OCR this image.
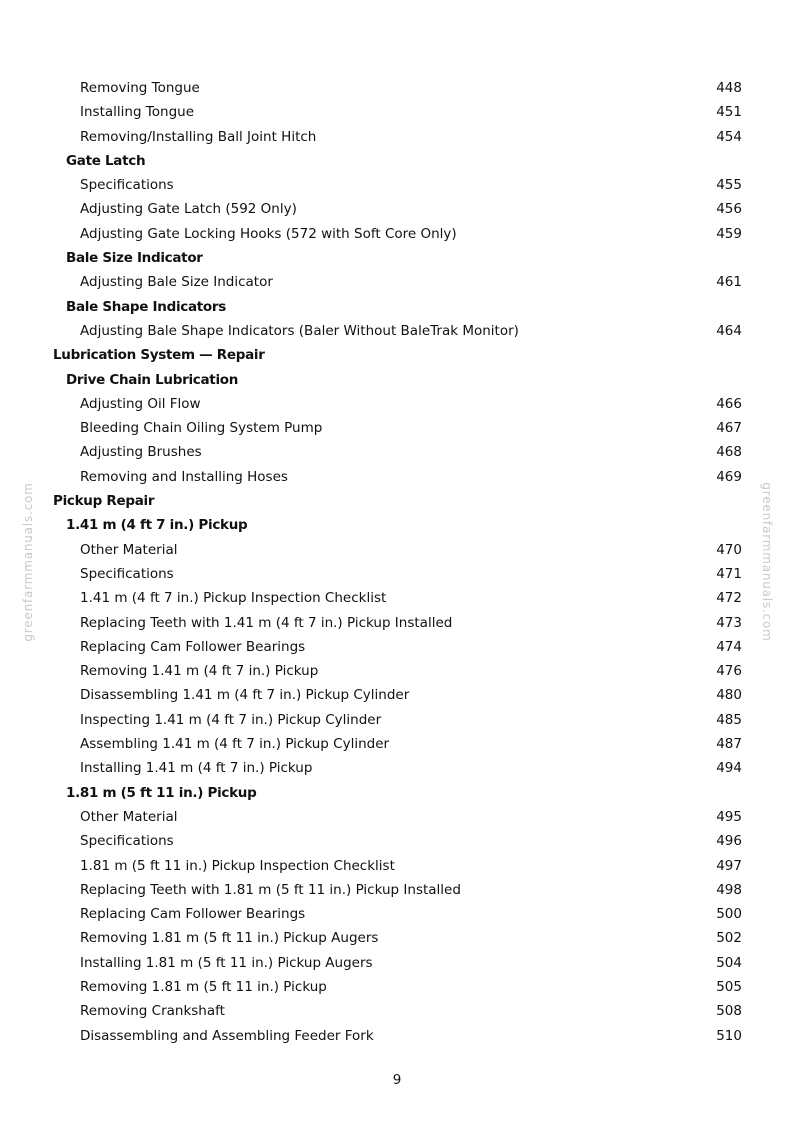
Removing Tongue	448
Installing Tongue	451
Removing/Installing Ball Joint Hitch	454
Gate Latch
Specifications	455
Adjusting Gate Latch (592 Only)	456
Adjusting Gate Locking Hooks (572 with Soft Core Only)	459
Bale Size Indicator
Adjusting Bale Size Indicator	461
Bale Shape Indicators
Adjusting Bale Shape Indicators (Baler Without BaleTrak Monitor)	464
Lubrication System — Repair
Drive Chain Lubrication
Adjusting Oil Flow	466
Bleeding Chain Oiling System Pump	467
Adjusting Brushes	468
Removing and Installing Hoses	469
Pickup Repair
1.41 m (4 ft 7 in.) Pickup
Other Material	470
Specifications	471
1.41 m (4 ft 7 in.) Pickup Inspection Checklist	472
Replacing Teeth with 1.41 m (4 ft 7 in.) Pickup Installed	473
Replacing Cam Follower Bearings	474
Removing 1.41 m (4 ft 7 in.) Pickup	476
Disassembling 1.41 m (4 ft 7 in.) Pickup Cylinder	480
Inspecting 1.41 m (4 ft 7 in.) Pickup Cylinder	485
Assembling 1.41 m (4 ft 7 in.) Pickup Cylinder	487
Installing 1.41 m (4 ft 7 in.) Pickup	494
1.81 m (5 ft 11 in.) Pickup
Other Material	495
Specifications	496
1.81 m (5 ft 11 in.) Pickup Inspection Checklist	497
Replacing Teeth with 1.81 m (5 ft 11 in.) Pickup Installed	498
Replacing Cam Follower Bearings	500
Removing 1.81 m (5 ft 11 in.) Pickup Augers	502
Installing 1.81 m (5 ft 11 in.) Pickup Augers	504
Removing 1.81 m (5 ft 11 in.) Pickup	505
Removing Crankshaft	508
Disassembling and Assembling Feeder Fork	510
9
greenfarmmanuals.com	greenfarmmanuals.com
